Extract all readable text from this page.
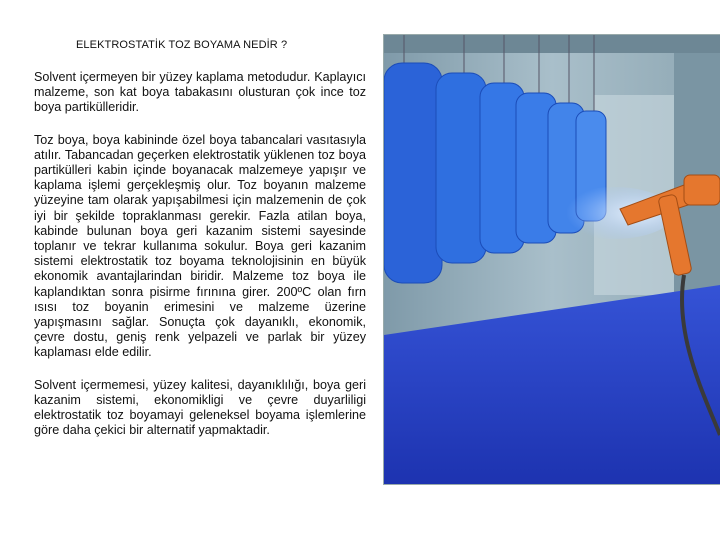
ELEKTROSTATİK TOZ BOYAMA NEDİR ?

Solvent içermeyen bir yüzey kaplama metodudur. Kaplayıcı malzeme, son kat boya tabakasını olusturan çok ince toz boya partikülleridir.

Toz boya, boya kabininde özel boya tabancalari vasıtasıyla atılır. Tabancadan geçerken elektrostatik yüklenen toz boya partikülleri kabin içinde boyanacak malzemeye yapışır ve kaplama işlemi gerçekleşmiş olur. Toz boyanın malzeme yüzeyine tam olarak yapışabilmesi için malzemenin de çok iyi bir şekilde topraklanması gerekir. Fazla atilan boya, kabinde bulunan boya geri kazanim sistemi sayesinde toplanır ve tekrar kullanıma sokulur. Boya geri kazanim sistemi elektrostatik toz boyama teknolojisinin en büyük ekonomik avantajlarindan biridir. Malzeme toz boya ile kaplandıktan sonra pisirme fırınına girer. 200ºC olan fırn ısısı toz boyanin erimesini ve malzeme üzerine yapışmasını sağlar. Sonuçta çok dayanıklı, ekonomik, çevre dostu, geniş renk yelpazeli ve parlak bir yüzey kaplaması elde edilir.

Solvent içermemesi, yüzey kalitesi, dayanıklılığı, boya geri kazanim sistemi, ekonomikligi ve çevre duyarliligi elektrostatik toz boyamayi geleneksel boyama işlemlerine göre daha çekici bir alternatif yapmaktadir.
